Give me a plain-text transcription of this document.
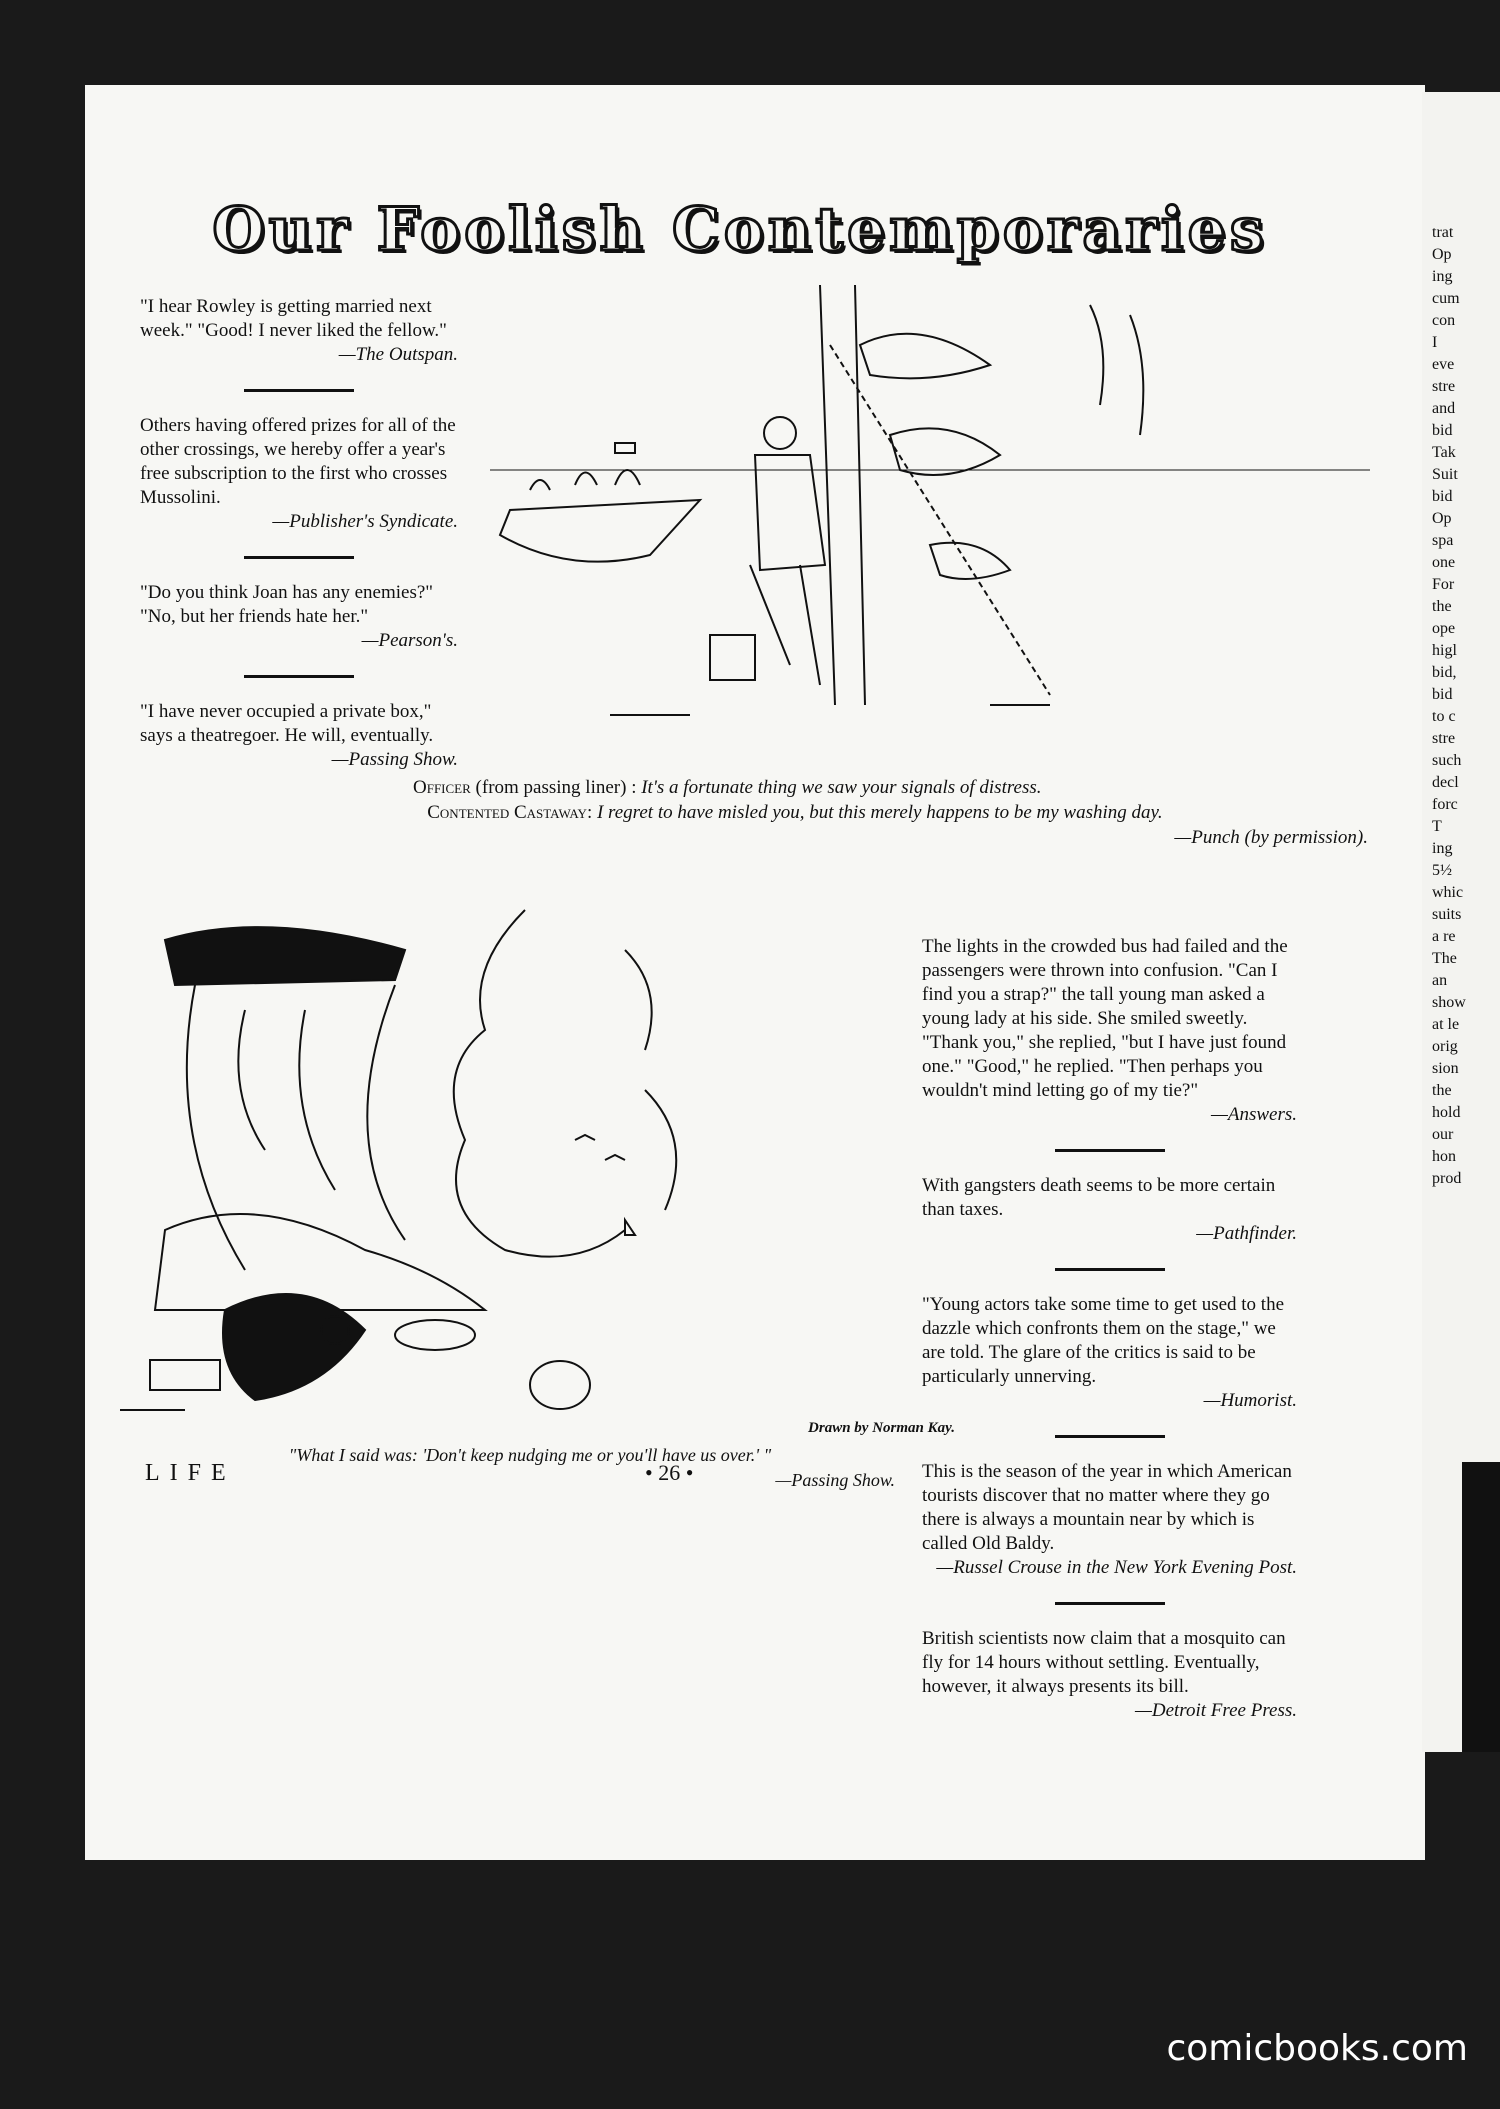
Our Foolish Contemporaries

"I hear Rowley is getting married next week." "Good! I never liked the fellow."

—The Outspan.

Others having offered prizes for all of the other crossings, we hereby offer a year's free subscription to the first who crosses Mussolini.

—Publisher's Syndicate.

"Do you think Joan has any enemies?" "No, but her friends hate her."

—Pearson's.

"I have never occupied a private box," says a theatregoer. He will, eventually.

—Passing Show.

Officer (from passing liner) : It's a fortunate thing we saw your signals of distress.
Contented Castaway: I regret to have misled you, but this merely happens to be my washing day.
—Punch (by permission).
Drawn by Norman Kay.
"What I said was: 'Don't keep nudging me or you'll have us over.' "
—Passing Show.

The lights in the crowded bus had failed and the passengers were thrown into confusion. "Can I find you a strap?" the tall young man asked a young lady at his side. She smiled sweetly. "Thank you," she replied, "but I have just found one." "Good," he replied. "Then perhaps you wouldn't mind letting go of my tie?"

—Answers.

With gangsters death seems to be more certain than taxes.

—Pathfinder.

"Young actors take some time to get used to the dazzle which confronts them on the stage," we are told. The glare of the critics is said to be particularly unnerving.

—Humorist.

This is the season of the year in which American tourists discover that no matter where they go there is always a mountain near by which is called Old Baldy.

—Russel Crouse in the New York Evening Post.

British scientists now claim that a mosquito can fly for 14 hours without settling. Eventually, however, it always presents its bill.

—Detroit Free Press.

LIFE	• 26 •
trat
Op
ing
cum
con
I
eve
stre
and
bid
Tak
Suit
bid
Op
spa
one
For
the
ope
higl
bid,
bid
to c
stre
such
decl
forc
T
ing
5½
whic
suits
a re
The
an
show
at le
orig
sion
the
hold
our
hon
prod
comicbooks.com
